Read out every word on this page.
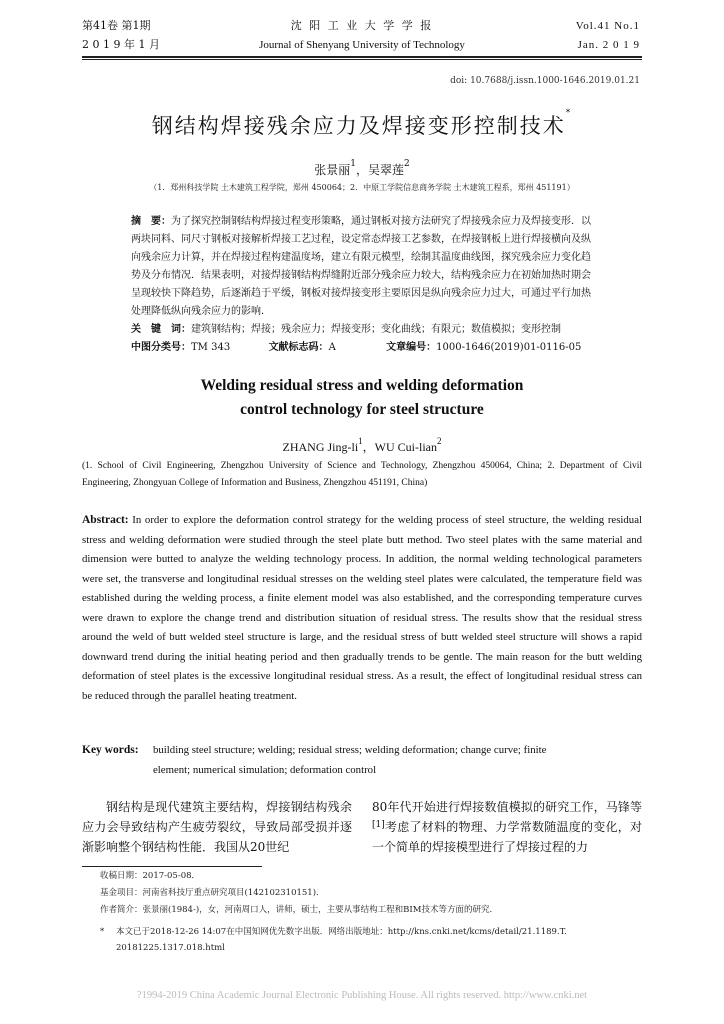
第41卷 第1期
2 0 1 9 年 1 月
沈 阳 工 业 大 学 学 报
Journal of Shenyang University of Technology
Vol.41 No.1
Jan. 2 0 1 9
doi: 10.7688/j.issn.1000-1646.2019.01.21
钢结构焊接残余应力及焊接变形控制技术*
张景丽$^1$，吴翠莲$^2$
（1．郑州科技学院 土木建筑工程学院，郑州 450064；2．中原工学院信息商务学院 土木建筑工程系，郑州 451191）
摘　要：为了探究控制钢结构焊接过程变形策略，通过钢板对接方法研究了焊接残余应力及焊接变形．以两块同料、同尺寸钢板对接解析焊接工艺过程，设定常态焊接工艺参数，在焊接钢板上进行焊接横向及纵向残余应力计算，并在焊接过程构建温度场，建立有限元模型，绘制其温度曲线图，探究残余应力变化趋势及分布情况．结果表明，对接焊接钢结构焊缝附近部分残余应力较大，结构残余应力在初始加热时期会呈现较快下降趋势，后逐渐趋于平缓，钢板对接焊接变形主要原因是纵向残余应力过大，可通过平行加热处理降低纵向残余应力的影响．
关　键　词：建筑钢结构；焊接；残余应力；焊接变形；变化曲线；有限元；数值模拟；变形控制
中图分类号：TM 343	文献标志码：A	文章编号：1000-1646(2019)01-0116-05
Welding residual stress and welding deformation
control technology for steel structure
ZHANG Jing-$li^1$，WU Cui-lian$^2$
(1. School of Civil Engineering, Zhengzhou University of Science and Technology, Zhengzhou 450064, China; 2. Department of Civil Engineering, Zhongyuan College of Information and Business, Zhengzhou 451191, China)
Abstract: In order to explore the deformation control strategy for the welding process of steel structure, the welding residual stress and welding deformation were studied through the steel plate butt method. Two steel plates with the same material and dimension were butted to analyze the welding technology process. In addition, the normal welding technological parameters were set, the transverse and longitudinal residual stresses on the welding steel plates were calculated, the temperature field was established during the welding process, a finite element model was also established, and the corresponding temperature curves were drawn to explore the change trend and distribution situation of residual stress. The results show that the residual stress around the weld of butt welded steel structure is large, and the residual stress of butt welded steel structure will shows a rapid downward trend during the initial heating period and then gradually trends to be gentle. The main reason for the butt welding deformation of steel plates is the excessive longitudinal residual stress. As a result, the effect of longitudinal residual stress can be reduced through the parallel heating treatment.
Key words:	building steel structure; welding; residual stress; welding deformation; change curve; finite
element; numerical simulation; deformation control
钢结构是现代建筑主要结构，焊接钢结构残余应力会导致结构产生疲劳裂纹，导致局部受损并逐渐影响整个钢结构性能．我国从20世纪
80年代开始进行焊接数值模拟的研究工作，马锋等[1]考虑了材料的物理、力学常数随温度的变化，对一个简单的焊接模型进行了焊接过程的力
收稿日期：2017-05-08．
基金项目：河南省科技厅重点研究项目(142102310151)．
作者简介：张景丽(1984-)，女，河南周口人，讲师，硕士，主要从事结构工程和BIM技术等方面的研究．
*	本文已于2018-12-26 14:07在中国知网优先数字出版．网络出版地址：http://kns.cnki.net/kcms/detail/21.1189.T.
20181225.1317.018.html
?1994-2019 China Academic Journal Electronic Publishing House. All rights reserved. http://www.cnki.net
